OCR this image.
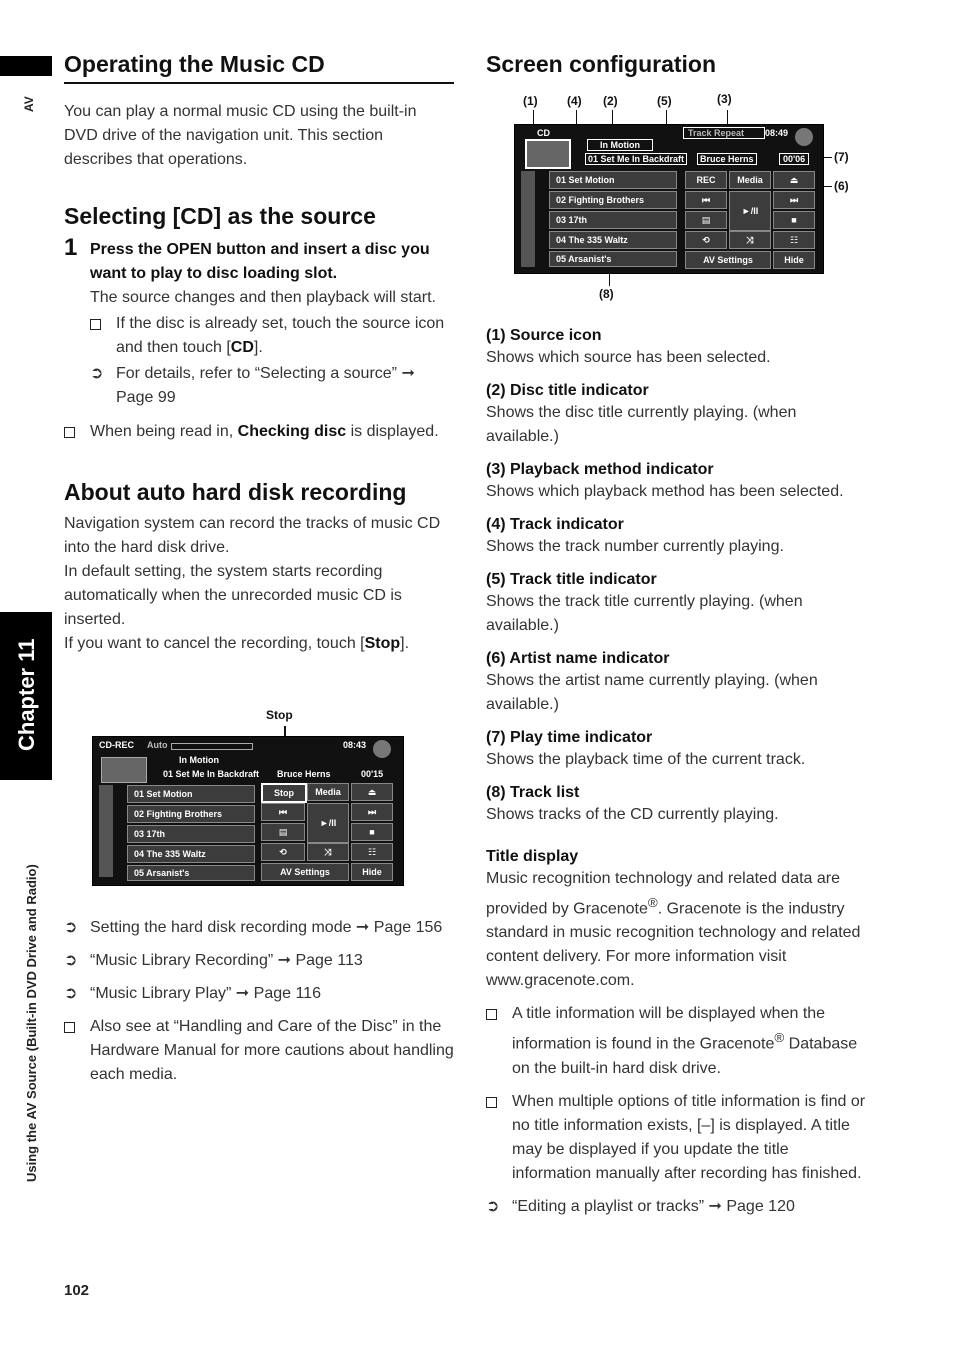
AV
Chapter 11
Using the AV Source (Built-in DVD Drive and Radio)
Operating the Music CD

You can play a normal music CD using the built-in DVD drive of the navigation unit. This section describes that operations.

Selecting [CD] as the source
1 Press the OPEN button and insert a disc you want to play to disc loading slot.

The source changes and then playback will start.

If the disc is already set, touch the source icon and then touch [CD].
➲ For details, refer to “Selecting a source” ➞ Page 99
When being read in, Checking disc is displayed.
About auto hard disk recording

Navigation system can record the tracks of music CD into the hard disk drive.

In default setting, the system starts recording automatically when the unrecorded music CD is inserted.

If you want to cancel the recording, touch [Stop].

Stop
CD-REC Auto	08:43
In Motion
01 Set Me In Backdraft Bruce Herns	00'15
01 Set Motion
02 Fighting Brothers
03 17th
04 The 335 Waltz
05 Arsanist's
Stop	Media	⏏
⏮
►/II
⏭
▤	■
⟲	⤨	☷
AV Settings	Hide
➲ Setting the hard disk recording mode ➞ Page 156
➲ “Music Library Recording” ➞ Page 113
➲ “Music Library Play” ➞ Page 116
Also see at “Handling and Care of the Disc” in the Hardware Manual for more cautions about handling each media.
Screen configuration
(1) (4) (2)	(5)	(3)
(7)
(6)
(8)
CD	Track Repeat	08:49
In Motion
01 Set Me In Backdraft	Bruce Herns	00'06
01 Set Motion
02 Fighting Brothers
03 17th
04 The 335 Waltz
05 Arsanist's
REC	Media	⏏
⏮
►/II
⏭
▤	■
⟲	⤨	☷
AV Settings	Hide

(1) Source icon

Shows which source has been selected.

(2) Disc title indicator

Shows the disc title currently playing. (when available.)

(3) Playback method indicator

Shows which playback method has been selected.

(4) Track indicator

Shows the track number currently playing.

(5) Track title indicator

Shows the track title currently playing. (when available.)

(6) Artist name indicator

Shows the artist name currently playing. (when available.)

(7) Play time indicator

Shows the playback time of the current track.

(8) Track list

Shows tracks of the CD currently playing.

Title display

Music recognition technology and related data are provided by Gracenote®. Gracenote is the industry standard in music recognition technology and related content delivery. For more information visit www.gracenote.com.

A title information will be displayed when the information is found in the Gracenote® Database on the built-in hard disk drive.
When multiple options of title information is find or no title information exists, [–] is displayed. A title may be displayed if you update the title information manually after recording has finished.
➲ “Editing a playlist or tracks” ➞ Page 120
102
